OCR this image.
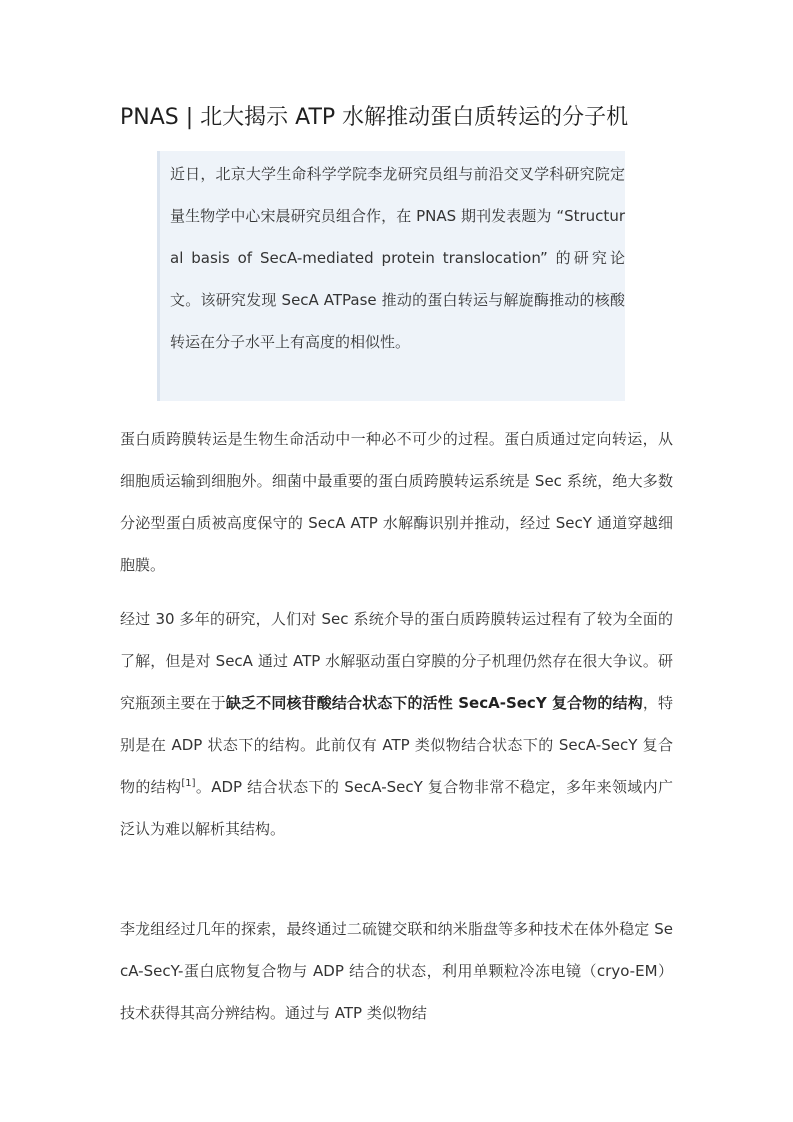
PNAS | 北大揭示 ATP 水解推动蛋白质转运的分子机

近日，北京大学生命科学学院李龙研究员组与前沿交叉学科研究院定量生物学中心宋晨研究员组合作，在 PNAS 期刊发表题为 “Structural basis of SecA-mediated protein translocation” 的研究论文。该研究发现 SecA ATPase 推动的蛋白转运与解旋酶推动的核酸转运在分子水平上有高度的相似性。

蛋白质跨膜转运是生物生命活动中一种必不可少的过程。蛋白质通过定向转运，从细胞质运输到细胞外。细菌中最重要的蛋白质跨膜转运系统是 Sec 系统，绝大多数分泌型蛋白质被高度保守的 SecA ATP 水解酶识别并推动，经过 SecY 通道穿越细胞膜。

经过 30 多年的研究，人们对 Sec 系统介导的蛋白质跨膜转运过程有了较为全面的了解，但是对 SecA 通过 ATP 水解驱动蛋白穿膜的分子机理仍然存在很大争议。研究瓶颈主要在于缺乏不同核苷酸结合状态下的活性 SecA-SecY 复合物的结构，特别是在 ADP 状态下的结构。此前仅有 ATP 类似物结合状态下的 SecA-SecY 复合物的结构[1]。ADP 结合状态下的 SecA-SecY 复合物非常不稳定，多年来领域内广泛认为难以解析其结构。

李龙组经过几年的探索，最终通过二硫键交联和纳米脂盘等多种技术在体外稳定 SecA-SecY-蛋白底物复合物与 ADP 结合的状态，利用单颗粒冷冻电镜（cryo-EM）技术获得其高分辨结构。通过与 ATP 类似物结
